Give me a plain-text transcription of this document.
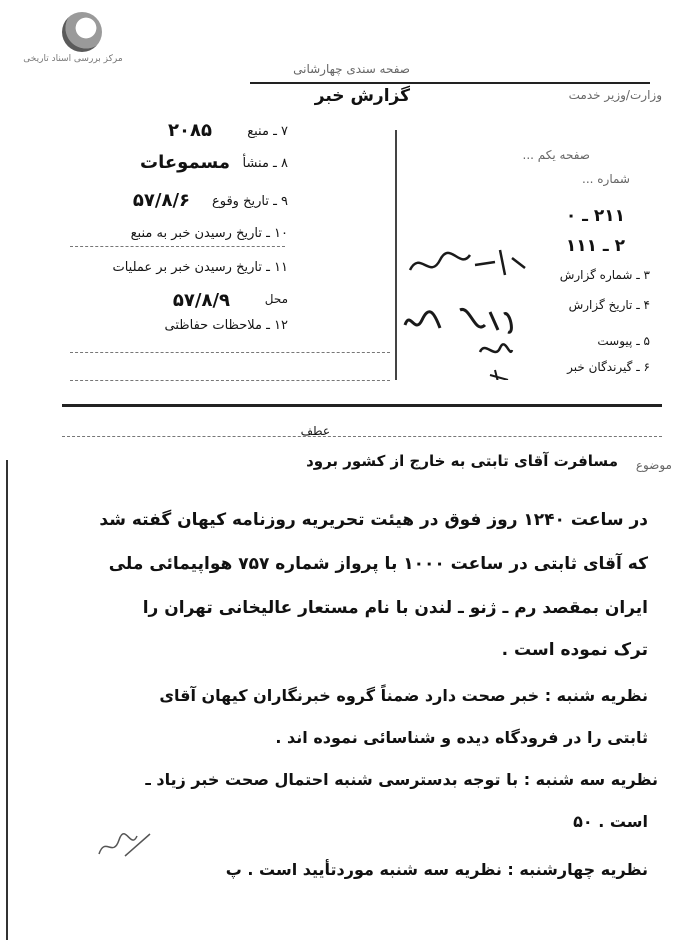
مرکز بررسی اسناد تاریخی
صفحه سندی چهارشانی
گزارش خبر	وزارت/وزیر خدمت
۷ ـ منبع
۲۰۸۵
۸ ـ منشأ
مسموعات
۹ ـ تاریخ وقوع
۵۷/۸/۶
۱۰ ـ تاریخ رسیدن خبر به منبع
۱۱ ـ تاریخ رسیدن خبر بر عملیات
محل
۵۷/۸/۹
۱۲ ـ ملاحظات حفاظتی
صفحه یکم ...
شماره ...
۲۱۱ ـ ۰
۲ ـ ۱۱۱
۳ ـ شماره گزارش
۴ ـ تاریخ گزارش
۵ ـ پیوست
۶ ـ گیرندگان خبر
عطف
موضوع
مسافرت آقای تابتی به خارج از کشور برود
در ساعت ۱۲۴۰ روز فوق در هیئت تحریریه روزنامه کیهان گفته شد
که آقای ثابتی در ساعت ۱۰۰۰ با پرواز شماره ۷۵۷ هواپیمائی ملی
ایران بمقصد رم ـ ژنو ـ لندن با نام مستعار عالیخانی تهران را
ترک نموده است .
نظریه شنبه : خبر صحت دارد ضمناً گروه خبرنگاران کیهان آقای
ثابتی را در فرودگاه دیده و شناسائی نموده اند .
نظریه سه شنبه : با توجه بدسترسی شنبه احتمال صحت خبر زیاد ـ
است . ۵۰
نظریه چهارشنبه : نظریه سه شنبه موردتأیید است . پ
